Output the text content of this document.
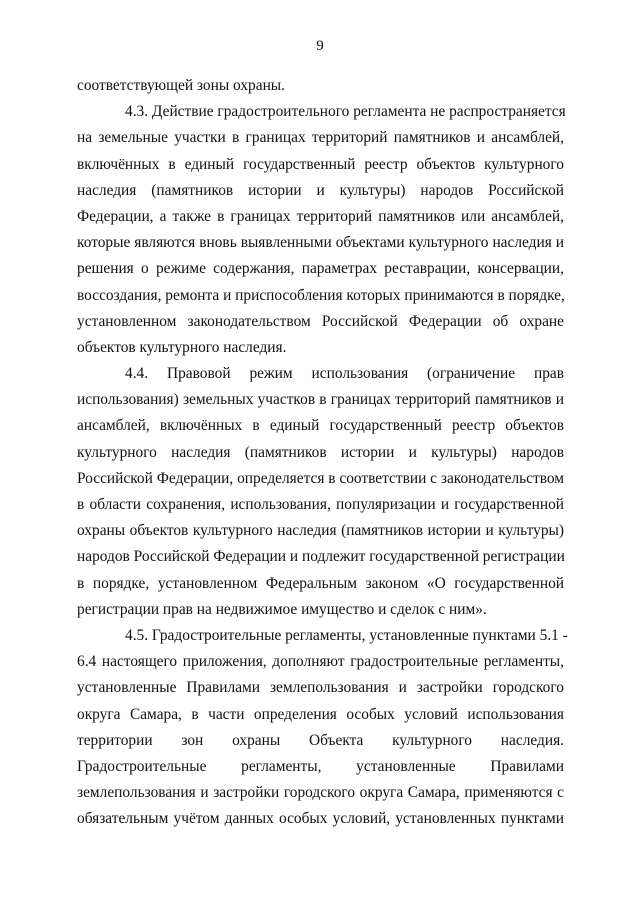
9

соответствующей зоны охраны.

4.3. Действие градостроительного регламента не распространяется
на земельные участки в границах территорий памятников и ансамблей,
включённых в единый государственный реестр объектов культурного
наследия (памятников истории и культуры) народов Российской
Федерации, а также в границах территорий памятников или ансамблей,
которые являются вновь выявленными объектами культурного наследия и
решения о режиме содержания, параметрах реставрации, консервации,
воссоздания, ремонта и приспособления которых принимаются в порядке,
установленном законодательством Российской Федерации об охране
объектов культурного наследия.

4.4. Правовой режим использования (ограничение прав
использования) земельных участков в границах территорий памятников и
ансамблей, включённых в единый государственный реестр объектов
культурного наследия (памятников истории и культуры) народов
Российской Федерации, определяется в соответствии с законодательством
в области сохранения, использования, популяризации и государственной
охраны объектов культурного наследия (памятников истории и культуры)
народов Российской Федерации и подлежит государственной регистрации
в порядке, установленном Федеральным законом «О государственной
регистрации прав на недвижимое имущество и сделок с ним».

4.5. Градостроительные регламенты, установленные пунктами 5.1 -
6.4 настоящего приложения, дополняют градостроительные регламенты,
установленные Правилами землепользования и застройки городского
округа Самара, в части определения особых условий использования
территории зон охраны Объекта культурного наследия.
Градостроительные регламенты, установленные Правилами
землепользования и застройки городского округа Самара, применяются с
обязательным учётом данных особых условий, установленных пунктами
